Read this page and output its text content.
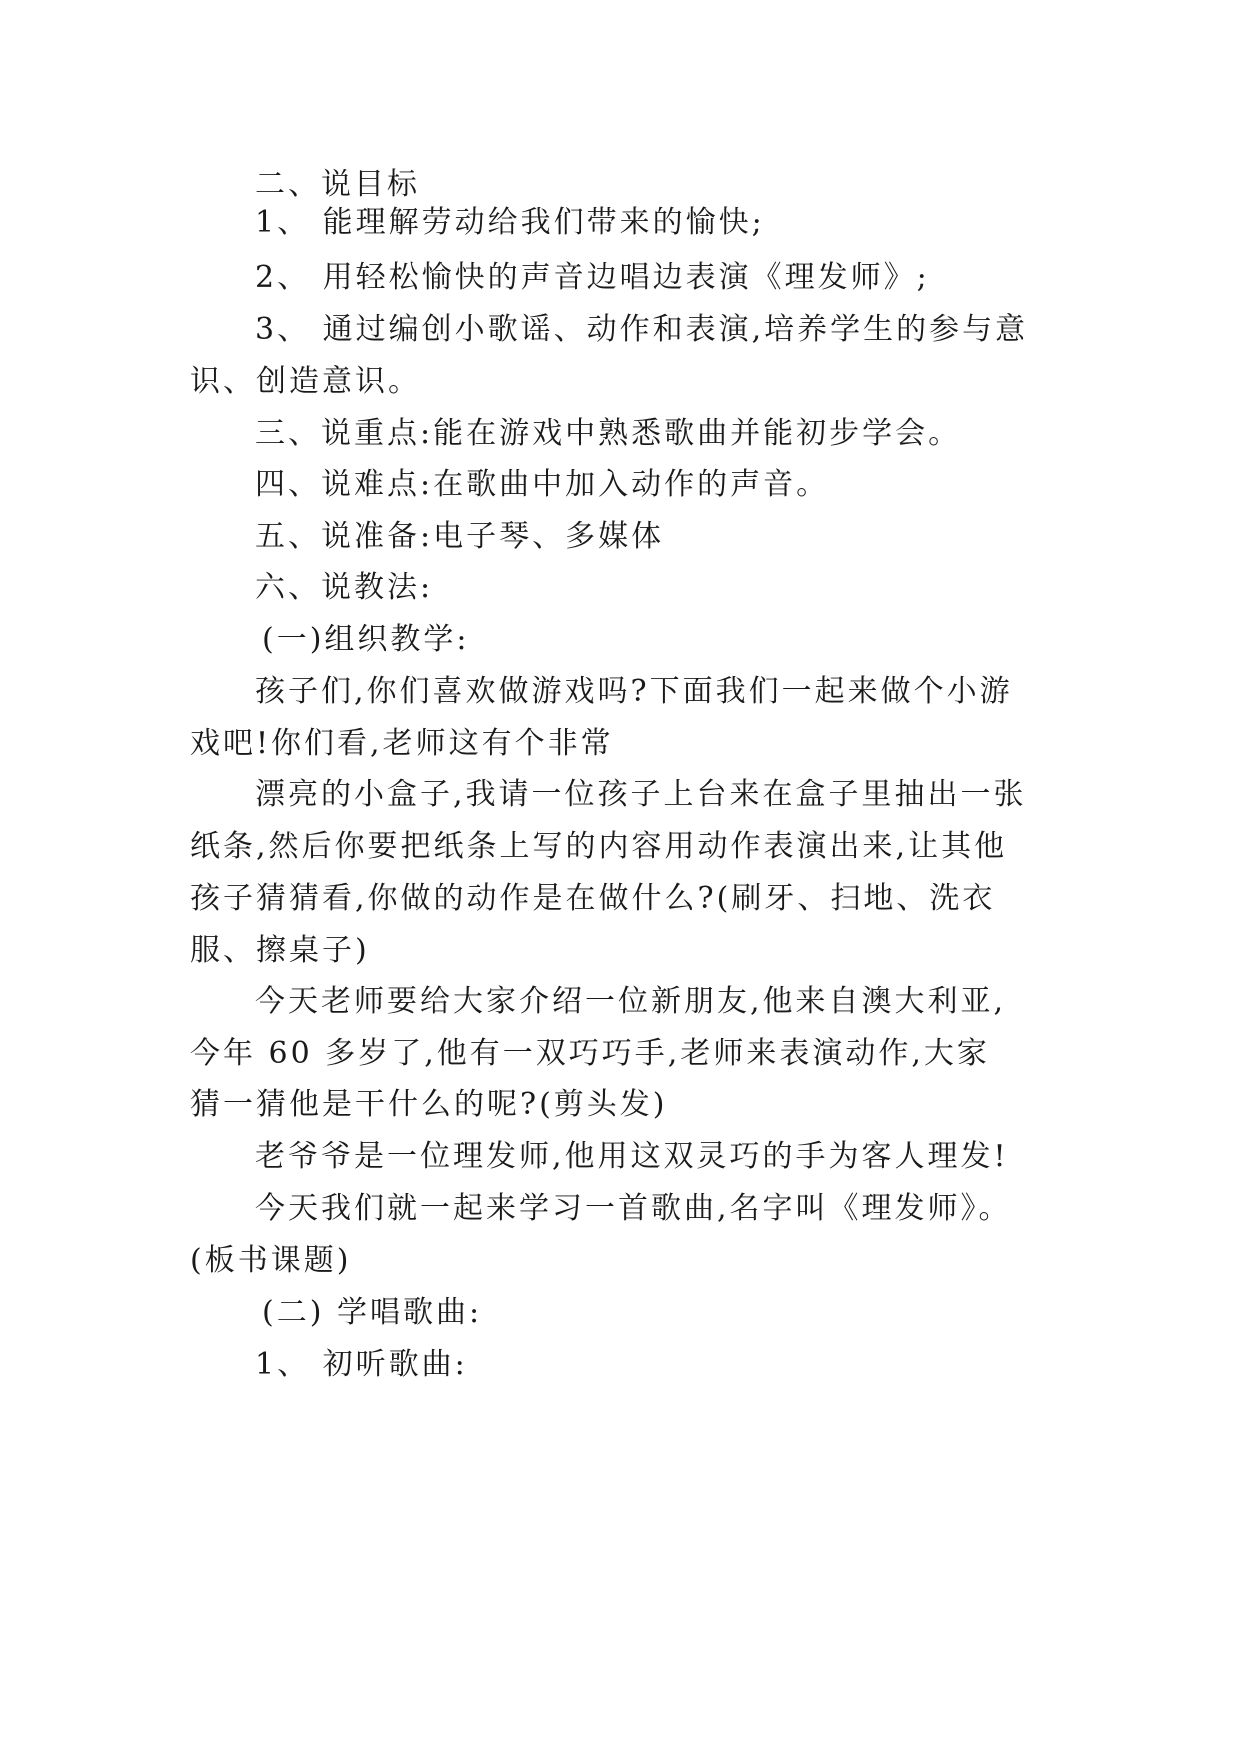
二、说目标
1、 能理解劳动给我们带来的愉快;
2、 用轻松愉快的声音边唱边表演《理发师》;
3、 通过编创小歌谣、动作和表演,培养学生的参与意
识、创造意识。
三、说重点:能在游戏中熟悉歌曲并能初步学会。
四、说难点:在歌曲中加入动作的声音。
五、说准备:电子琴、多媒体
六、说教法:
(一)组织教学:
孩子们,你们喜欢做游戏吗?下面我们一起来做个小游
戏吧!你们看,老师这有个非常
漂亮的小盒子,我请一位孩子上台来在盒子里抽出一张
纸条,然后你要把纸条上写的内容用动作表演出来,让其他
孩子猜猜看,你做的动作是在做什么?(刷牙、扫地、洗衣
服、擦桌子)
今天老师要给大家介绍一位新朋友,他来自澳大利亚,
今年 60 多岁了,他有一双巧巧手,老师来表演动作,大家
猜一猜他是干什么的呢?(剪头发)
老爷爷是一位理发师,他用这双灵巧的手为客人理发!
今天我们就一起来学习一首歌曲,名字叫《理发师》。
(板书课题)
(二) 学唱歌曲:
1、 初听歌曲:
